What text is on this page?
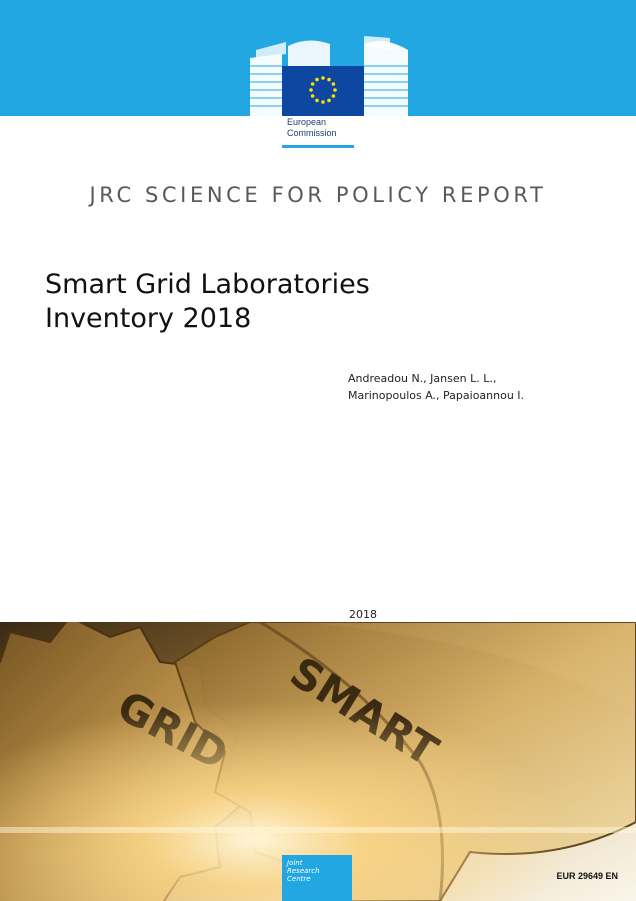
European
Commission
JRC SCIENCE FOR POLICY REPORT
Smart Grid Laboratories
Inventory 2018
Andreadou N., Jansen L. L.,
Marinopoulos A., Papaioannou I.
2018
Joint
Research
Centre	EUR 29649 EN
